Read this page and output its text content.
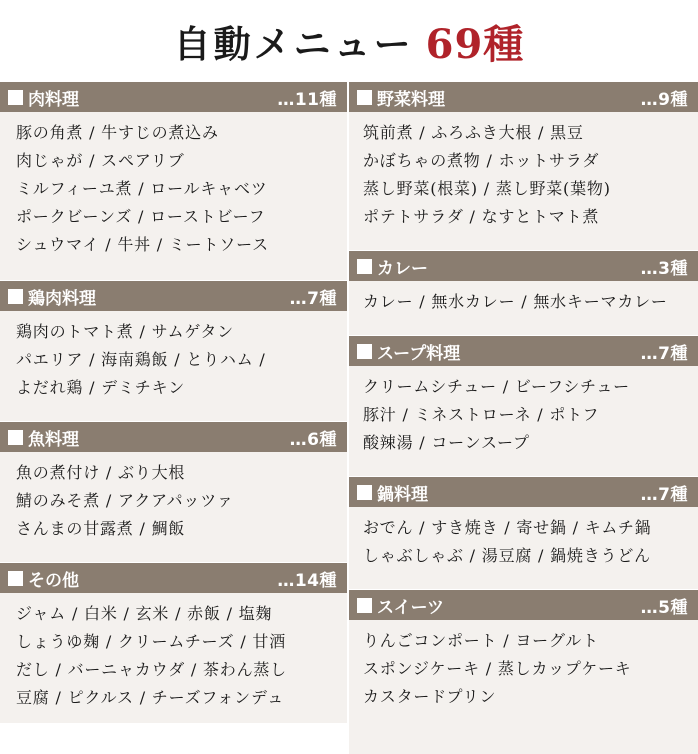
自動メニュー 69種
肉料理	…11種
豚の角煮 / 牛すじの煮込み
肉じゃが / スペアリブ
ミルフィーユ煮 / ロールキャベツ
ポークビーンズ / ローストビーフ
シュウマイ / 牛丼 / ミートソース
鶏肉料理	…7種
鶏肉のトマト煮 / サムゲタン
パエリア / 海南鶏飯 / とりハム /
よだれ鶏 / デミチキン
魚料理	…6種
魚の煮付け / ぶり大根
鯖のみそ煮 / アクアパッツァ
さんまの甘露煮 / 鯛飯
その他	…14種
ジャム / 白米 / 玄米 / 赤飯 / 塩麹
しょうゆ麹 / クリームチーズ / 甘酒
だし / バーニャカウダ / 茶わん蒸し
豆腐 / ピクルス / チーズフォンデュ
野菜料理	…9種
筑前煮 / ふろふき大根 / 黒豆
かぼちゃの煮物 / ホットサラダ
蒸し野菜(根菜) / 蒸し野菜(葉物)
ポテトサラダ / なすとトマト煮
カレー	…3種
カレー / 無水カレー / 無水キーマカレー
スープ料理	…7種
クリームシチュー / ビーフシチュー
豚汁 / ミネストローネ / ポトフ
酸辣湯 / コーンスープ
鍋料理	…7種
おでん / すき焼き / 寄せ鍋 / キムチ鍋
しゃぶしゃぶ / 湯豆腐 / 鍋焼きうどん
スイーツ	…5種
りんごコンポート / ヨーグルト
スポンジケーキ / 蒸しカップケーキ
カスタードプリン
